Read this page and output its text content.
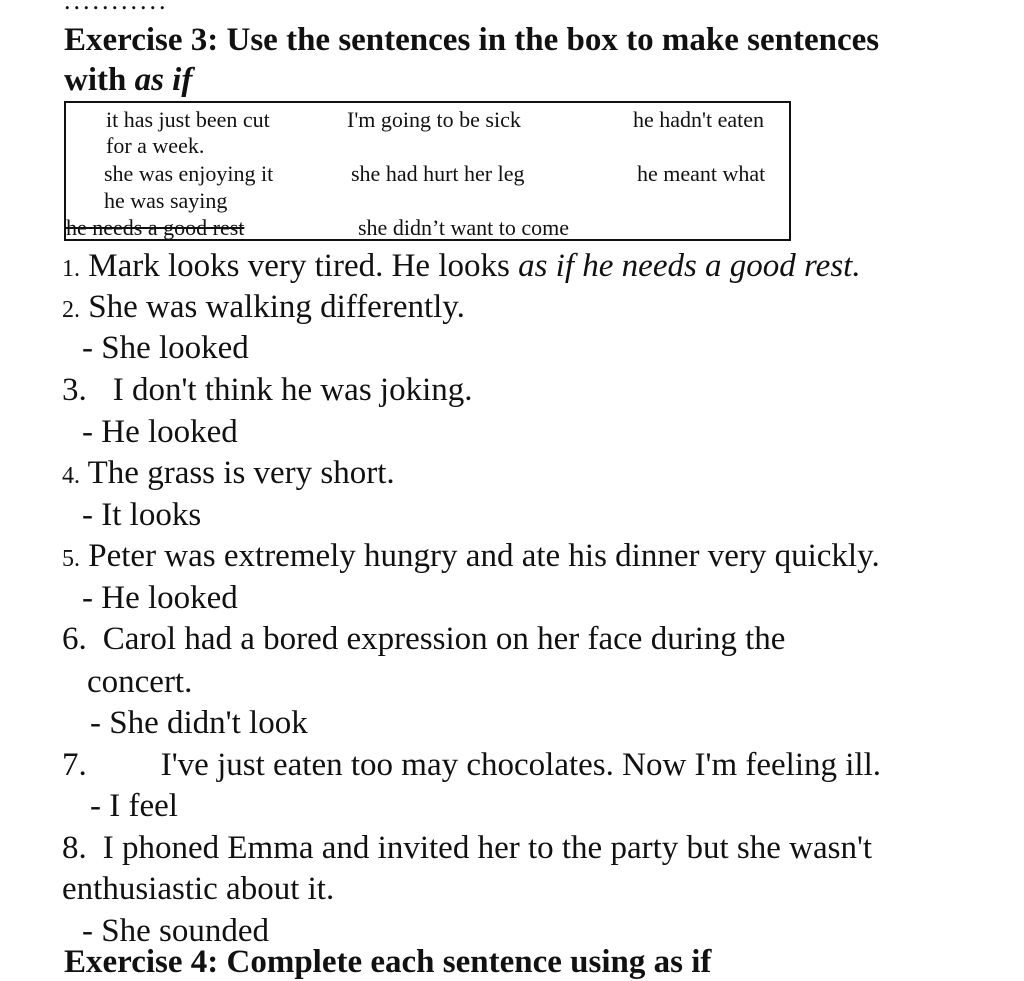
...........
Exercise 3: Use the sentences in the box to make sentences
with as if
it has just been cut
for a week.
I'm going to be sick	he hadn't eaten
she was enjoying it
he was saying
she had hurt her leg	he meant what
he needs a good rest	she didn’t want to come
1. Mark looks very tired. He looks as if he needs a good rest.
2. She was walking differently.
- She looked
3. I don't think he was joking.
- He looked
4. The grass is very short.
- It looks
5. Peter was extremely hungry and ate his dinner very quickly.
- He looked
6. Carol had a bored expression on her face during the
concert.
- She didn't look
7. I've just eaten too may chocolates. Now I'm feeling ill.
- I feel
8. I phoned Emma and invited her to the party but she wasn't
enthusiastic about it.
- She sounded
Exercise 4: Complete each sentence using as if
